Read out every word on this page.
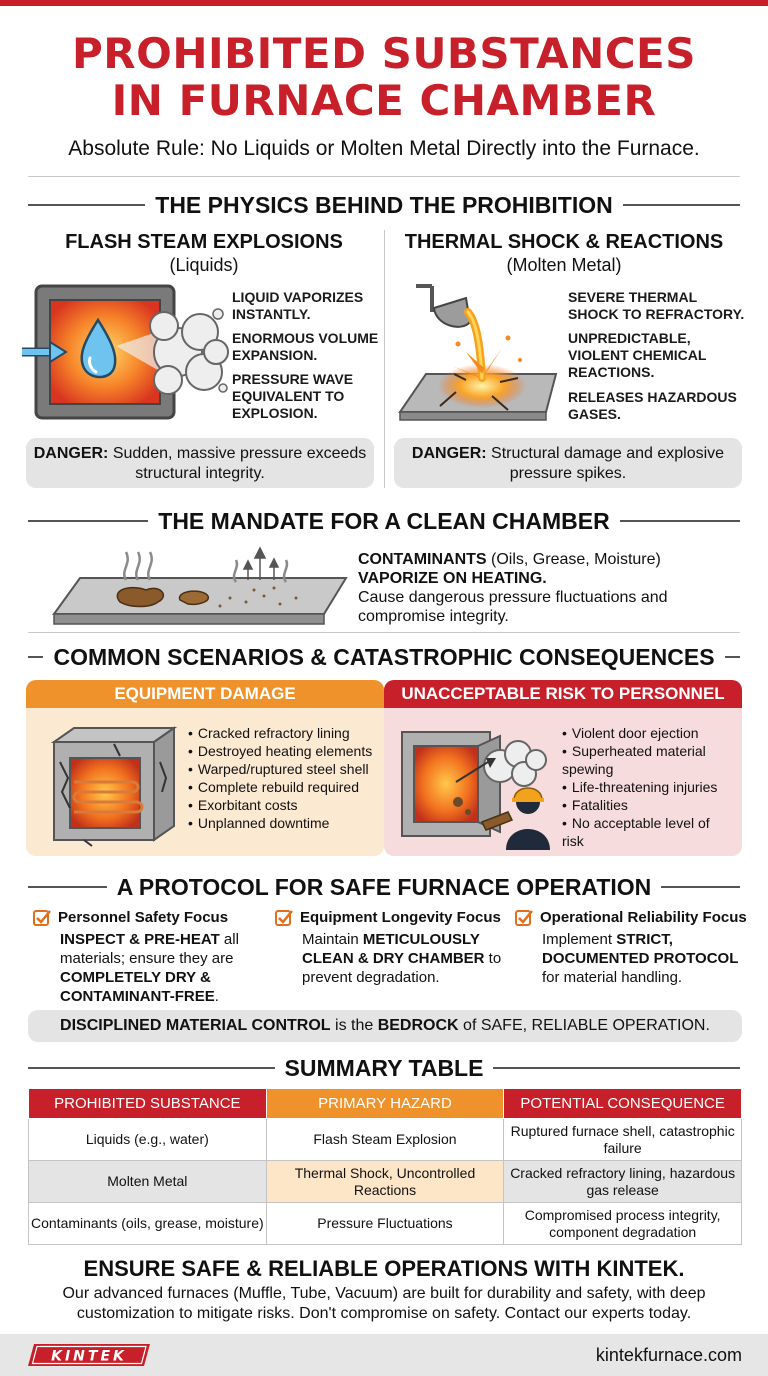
PROHIBITED SUBSTANCES
IN FURNACE CHAMBER
Absolute Rule: No Liquids or Molten Metal Directly into the Furnace.
THE PHYSICS BEHIND THE PROHIBITION
FLASH STEAM EXPLOSIONS
(Liquids)
THERMAL SHOCK & REACTIONS
(Molten Metal)
LIQUID VAPORIZES INSTANTLY.
ENORMOUS VOLUME EXPANSION.
PRESSURE WAVE EQUIVALENT TO EXPLOSION.
SEVERE THERMAL SHOCK TO REFRACTORY.
UNPREDICTABLE, VIOLENT CHEMICAL REACTIONS.
RELEASES HAZARDOUS GASES.
DANGER: Sudden, massive pressure exceeds structural integrity.
DANGER: Structural damage and explosive pressure spikes.
THE MANDATE FOR A CLEAN CHAMBER
CONTAMINANTS (Oils, Grease, Moisture)
VAPORIZE ON HEATING.
Cause dangerous pressure fluctuations and compromise integrity.
COMMON SCENARIOS & CATASTROPHIC CONSEQUENCES
EQUIPMENT DAMAGE
• Cracked refractory lining
• Destroyed heating elements
• Warped/ruptured steel shell
• Complete rebuild required
• Exorbitant costs
• Unplanned downtime
UNACCEPTABLE RISK TO PERSONNEL
• Violent door ejection
• Superheated material spewing
• Life-threatening injuries
• Fatalities
• No acceptable level of risk
A PROTOCOL FOR SAFE FURNACE OPERATION
Personnel Safety Focus
INSPECT & PRE-HEAT all materials; ensure they are COMPLETELY DRY & CONTAMINANT-FREE.
Equipment Longevity Focus
Maintain METICULOUSLY CLEAN & DRY CHAMBER to prevent degradation.
Operational Reliability Focus
Implement STRICT, DOCUMENTED PROTOCOL for material handling.
DISCIPLINED MATERIAL CONTROL is the BEDROCK of SAFE, RELIABLE OPERATION.
SUMMARY TABLE
PROHIBITED SUBSTANCE	PRIMARY HAZARD	POTENTIAL CONSEQUENCE
Liquids (e.g., water)	Flash Steam Explosion	Ruptured furnace shell, catastrophic failure
Molten Metal	Thermal Shock, Uncontrolled Reactions	Cracked refractory lining, hazardous gas release
Contaminants (oils, grease, moisture)	Pressure Fluctuations	Compromised process integrity, component degradation
ENSURE SAFE & RELIABLE OPERATIONS WITH KINTEK.
Our advanced furnaces (Muffle, Tube, Vacuum) are built for durability and safety, with deep customization to mitigate risks. Don't compromise on safety. Contact our experts today.
KINTEK	kintekfurnace.com
